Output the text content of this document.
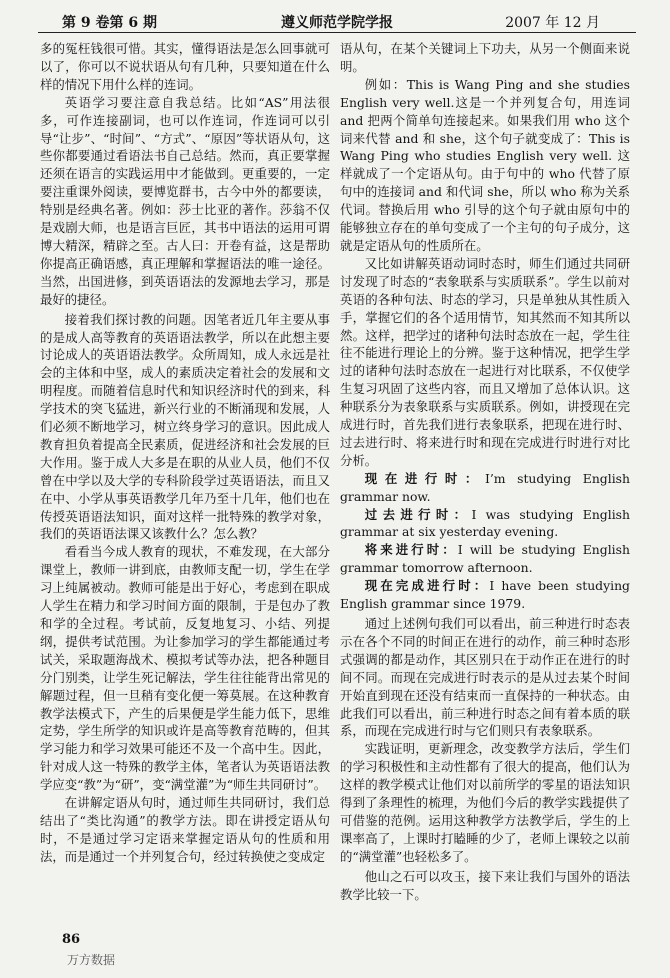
第 9 卷第 6 期	遵义师范学院学报	2007 年 12 月

多的冤枉钱很可惜。其实，懂得语法是怎么回事就可以了，你可以不说状语从句有几种，只要知道在什么样的情况下用什么样的连词。

英语学习要注意自我总结。比如“AS”用法很多，可作连接副词，也可以作连词，作连词可以引导“让步”、“时间”、“方式”、“原因”等状语从句，这些你都要通过看语法书自己总结。然而，真正要掌握还须在语言的实践运用中才能做到。更重要的，一定要注重课外阅读，要博览群书，古今中外的都要读，特别是经典名著。例如：莎士比亚的著作。莎翁不仅是戏剧大师，也是语言巨匠，其书中语法的运用可谓博大精深，精辟之至。古人曰：开卷有益，这是帮助你提高正确语感，真正理解和掌握语法的唯一途径。当然，出国进修，到英语语法的发源地去学习，那是最好的捷径。

接着我们探讨教的问题。因笔者近几年主要从事的是成人高等教育的英语语法教学，所以在此想主要讨论成人的英语语法教学。众所周知，成人永远是社会的主体和中坚，成人的素质决定着社会的发展和文明程度。而随着信息时代和知识经济时代的到来，科学技术的突飞猛进，新兴行业的不断涌现和发展，人们必须不断地学习，树立终身学习的意识。因此成人教育担负着提高全民素质，促进经济和社会发展的巨大作用。鉴于成人大多是在职的从业人员，他们不仅曾在中学以及大学的专科阶段学过英语语法，而且又在中、小学从事英语教学几年乃至十几年，他们也在传授英语语法知识，面对这样一批特殊的教学对象，我们的英语语法课又该教什么？怎么教？

看看当今成人教育的现状，不难发现，在大部分课堂上，教师一讲到底，由教师支配一切，学生在学习上纯属被动。教师可能是出于好心，考虑到在职成人学生在精力和学习时间方面的限制，于是包办了教和学的全过程。考试前，反复地复习、小结、列提纲，提供考试范围。为让参加学习的学生都能通过考试关，采取题海战术、模拟考试等办法，把各种题目分门别类，让学生死记解法，学生往往能背出常见的解题过程，但一旦稍有变化便一筹莫展。在这种教育教学法模式下，产生的后果便是学生能力低下，思维定势，学生所学的知识或许是高等教育范畴的，但其学习能力和学习效果可能还不及一个高中生。因此，针对成人这一特殊的教学主体，笔者认为英语语法教学应变“教”为“研”，变“满堂灌”为“师生共同研讨”。

在讲解定语从句时，通过师生共同研讨，我们总结出了“类比沟通”的教学方法。即在讲授定语从句时，不是通过学习定语来掌握定语从句的性质和用法，而是通过一个并列复合句，经过转换使之变成定

语从句，在某个关键词上下功夫，从另一个侧面来说明。

例如：This is Wang Ping and she studies English very well.这是一个并列复合句，用连词 and 把两个简单句连接起来。如果我们用 who 这个词来代替 and 和 she，这个句子就变成了：This is Wang Ping who studies English very well. 这样就成了一个定语从句。由于句中的 who 代替了原句中的连接词 and 和代词 she，所以 who 称为关系代词。替换后用 who 引导的这个句子就由原句中的能够独立存在的单句变成了一个主句的句子成分，这就是定语从句的性质所在。

又比如讲解英语动词时态时，师生们通过共同研讨发现了时态的“表象联系与实质联系”。学生以前对英语的各种句法、时态的学习，只是单独从其性质入手，掌握它们的各个适用情节，知其然而不知其所以然。这样，把学过的诸种句法时态放在一起，学生往往不能进行理论上的分辨。鉴于这种情况，把学生学过的诸种句法时态放在一起进行对比联系，不仅使学生复习巩固了这些内容，而且又增加了总体认识。这种联系分为表象联系与实质联系。例如，讲授现在完成进行时，首先我们进行表象联系，把现在进行时、过去进行时、将来进行时和现在完成进行时进行对比分析。

现在进行时：I’m studying English grammar now.

过去进行时：I was studying English grammar at six yesterday evening.

将来进行时：I will be studying English grammar tomorrow afternoon.

现在完成进行时：I have been studying English grammar since 1979.

通过上述例句我们可以看出，前三种进行时态表示在各个不同的时间正在进行的动作，前三种时态形式强调的都是动作，其区别只在于动作正在进行的时间不同。而现在完成进行时表示的是从过去某个时间开始直到现在还没有结束而一直保持的一种状态。由此我们可以看出，前三种进行时态之间有着本质的联系，而现在完成进行时与它们则只有表象联系。

实践证明，更新理念，改变教学方法后，学生们的学习积极性和主动性都有了很大的提高，他们认为这样的教学模式让他们对以前所学的零星的语法知识得到了条理性的梳理，为他们今后的教学实践提供了可借鉴的范例。运用这种教学方法教学后，学生的上课率高了，上课时打瞌睡的少了，老师上课较之以前的“满堂灌”也轻松多了。

他山之石可以攻玉，接下来让我们与国外的语法教学比较一下。

86
万方数据
